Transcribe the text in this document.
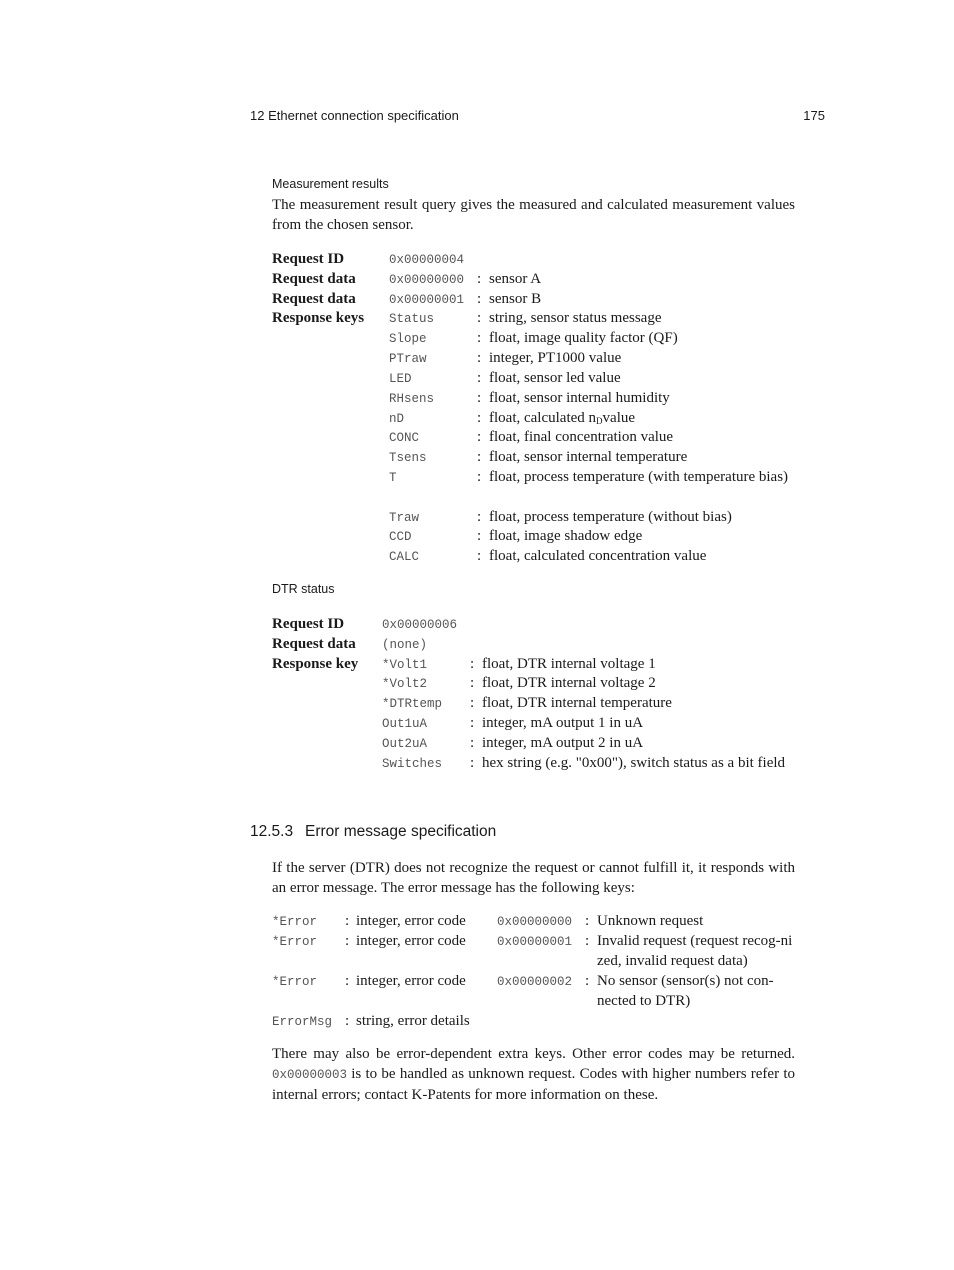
12 Ethernet connection specification	175
Measurement results
The measurement result query gives the measured and calculated measurement values from the chosen sensor.
Request ID	0x00000004
Request data	0x00000000 : sensor A
Request data	0x00000001 : sensor B
Response keys Status	: string, sensor status message
Slope	: float, image quality factor (QF)
PTraw	: integer, PT1000 value
LED	: float, sensor led value
RHsens	: float, sensor internal humidity
nD	: float, calculated $n_Dvalue$
CONC	: float, final concentration value
Tsens	: float, sensor internal temperature
T	: float, process temperature (with temperature bias)
Traw	: float, process temperature (without bias)
CCD	: float, image shadow edge
CALC	: float, calculated concentration value
DTR status
Request ID	0x00000006
Request data (none)
Response key *Volt1	: float, DTR internal voltage 1
*Volt2	: float, DTR internal voltage 2
*DTRtemp : float, DTR internal temperature
Out1uA	: integer, mA output 1 in uA
Out2uA	: integer, mA output 2 in uA
Switches : hex string (e.g. "0x00"), switch status as a bit field
12.5.3 Error message specification
If the server (DTR) does not recognize the request or cannot fulfill it, it responds with an error message. The error message has the following keys:
*Error : integer, error code 0x00000000 : Unknown request
*Error : integer, error code 0x00000001 : Invalid request (request recog-nized, invalid request data)
*Error : integer, error code 0x00000002 : No sensor (sensor(s) not con-nected to DTR)
ErrorMsg : string, error details
There may also be error-dependent extra keys. Other error codes may be returned. 0x00000003 is to be handled as unknown request. Codes with higher numbers refer to internal errors; contact K-Patents for more information on these.
